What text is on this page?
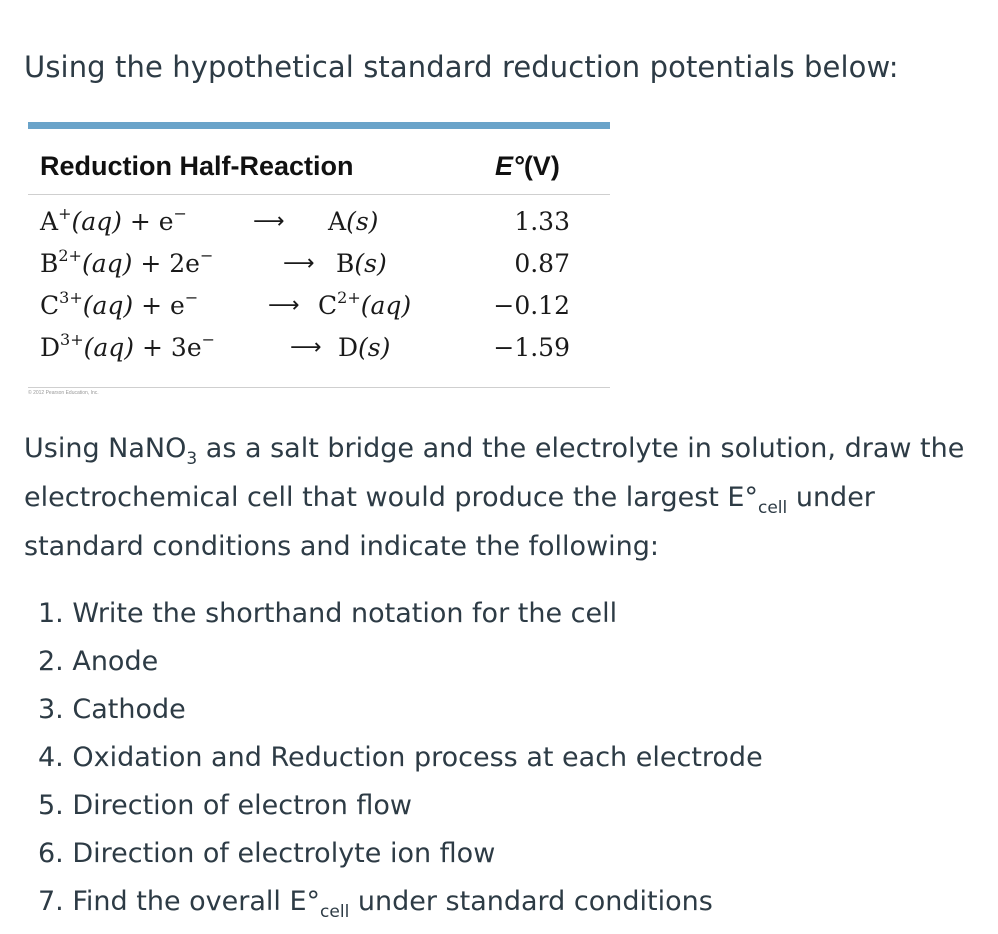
Using the hypothetical standard reduction potentials below:

Reduction Half-Reaction	E°(V)
A+(aq) + e−	⟶ A(s)	1.33
$B^{2+}(aq) + 2e^-$	⟶ B(s)	0.87
$C^{3+}(aq) + e^-$	⟶ $C^{2+}(aq)$	−0.12
$D^{3+}(aq) + 3e^-$	⟶ D(s)	−1.59
© 2012 Pearson Education, Inc.

Using NaNO$_3$ as a salt bridge and the electrolyte in solution, draw the electrochemical cell that would produce the largest $E^\circ_{cell}$ under standard conditions and indicate the following:

1. Write the shorthand notation for the cell
2. Anode
3. Cathode
4. Oxidation and Reduction process at each electrode
5. Direction of electron flow
6. Direction of electrolyte ion flow
7. Find the overall $E^\circ_{cell}$ under standard conditions
